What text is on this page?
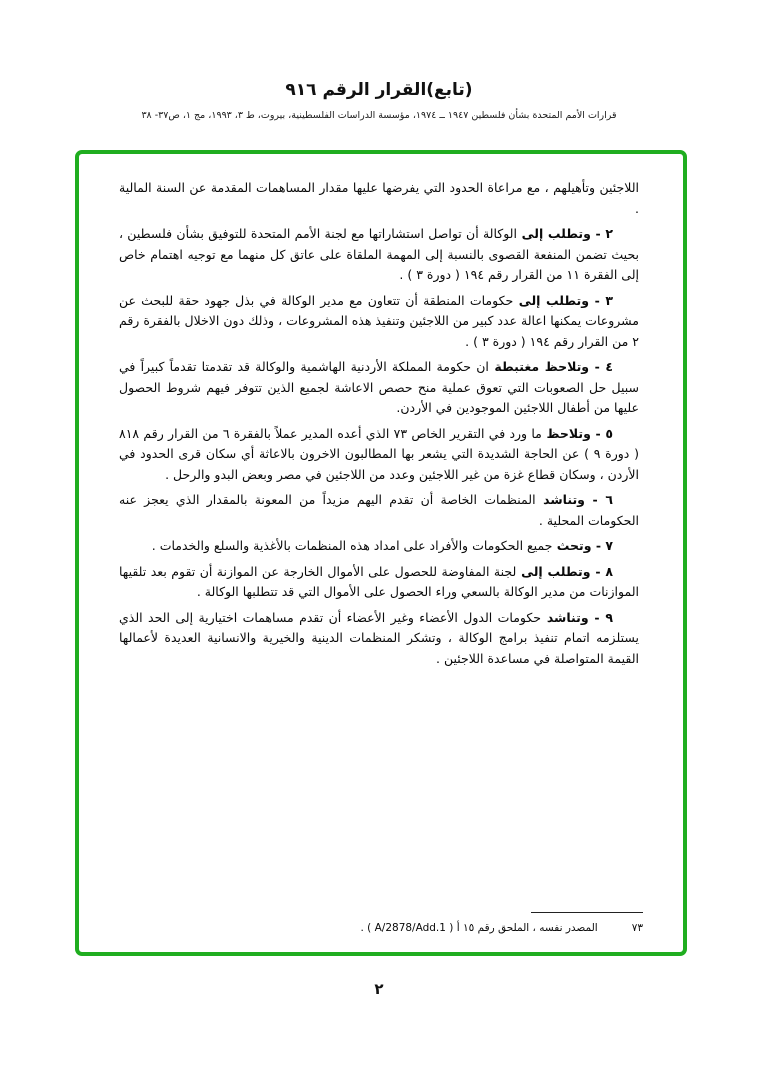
(تابع)القرار الرقم ٩١٦
قرارات الأمم المتحدة بشأن فلسطين ١٩٤٧ ــ ١٩٧٤، مؤسسة الدراسات الفلسطينية، بيروت، ط ٣، ١٩٩٣، مج ١، ص٣٧- ٣٨

اللاجئين وتأهيلهم ، مع مراعاة الحدود التي يفرضها عليها مقدار المساهمات المقدمة عن السنة المالية .

٢ - وتطلب إلى الوكالة أن تواصل استشاراتها مع لجنة الأمم المتحدة للتوفيق بشأن فلسطين ، بحيث تضمن المنفعة القصوى بالنسبة إلى المهمة الملقاة على عاتق كل منهما مع توجيه اهتمام خاص إلى الفقرة ١١ من القرار رقم ١٩٤ ( دورة ٣ ) .

٣ - وتطلب إلى حكومات المنطقة أن تتعاون مع مدير الوكالة في بذل جهود حقة للبحث عن مشروعات يمكنها اعالة عدد كبير من اللاجئين وتنفيذ هذه المشروعات ، وذلك دون الاخلال بالفقرة رقم ٢ من القرار رقم ١٩٤ ( دورة ٣ ) .

٤ - وتلاحظ مغتبطة ان حكومة المملكة الأردنية الهاشمية والوكالة قد تقدمتا تقدماً كبيراً في سبيل حل الصعوبات التي تعوق عملية منح حصص الاعاشة لجميع الذين تتوفر فيهم شروط الحصول عليها من أطفال اللاجئين الموجودين في الأردن.

٥ - وتلاحظ ما ورد في التقرير الخاص ٧٣ الذي أعده المدير عملاً بالفقرة ٦ من القرار رقم ٨١٨ ( دورة ٩ ) عن الحاجة الشديدة التي يشعر بها المطالبون الاخرون بالاعاثة أي سكان قرى الحدود في الأردن ، وسكان قطاع غزة من غير اللاجئين وعدد من اللاجئين في مصر وبعض البدو والرحل .

٦ - وتناشد المنظمات الخاصة أن تقدم اليهم مزيداً من المعونة بالمقدار الذي يعجز عنه الحكومات المحلية .

٧ - وتحث جميع الحكومات والأفراد على امداد هذه المنظمات بالأغذية والسلع والخدمات .

٨ - وتطلب إلى لجنة المفاوضة للحصول على الأموال الخارجة عن الموازنة أن تقوم بعد تلقيها الموازنات من مدير الوكالة بالسعي وراء الحصول على الأموال التي قد تتطلبها الوكالة .

٩ - وتناشد حكومات الدول الأعضاء وغير الأعضاء أن تقدم مساهمات اختيارية إلى الحد الذي يستلزمه اتمام تنفيذ برامج الوكالة ، وتشكر المنظمات الدينية والخيرية والانسانية العديدة لأعمالها القيمة المتواصلة في مساعدة اللاجئين .

٧٣
المصدر نفسه ، الملحق رقم ١٥ أ ( A/2878/Add.1 ) .
٢
